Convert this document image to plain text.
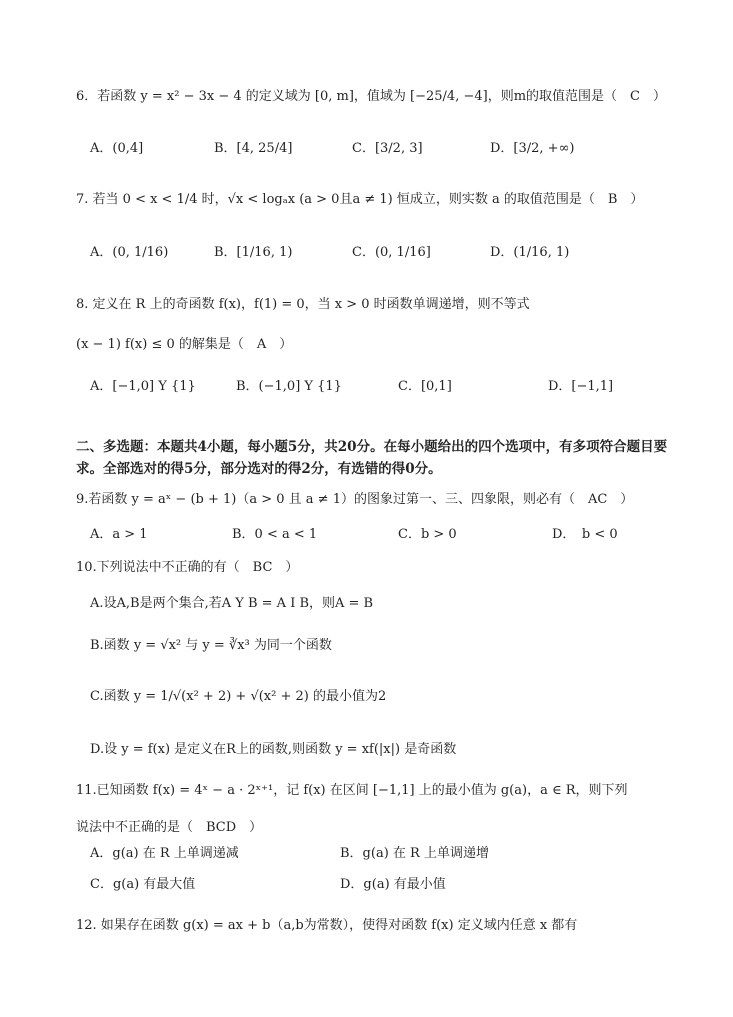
6．若函数 y = x² − 3x − 4 的定义域为 [0, m]，值域为 [−25/4, −4]，则m的取值范围是（　C　）
A．(0,4]	B．[4, 25/4]	C．[3/2, 3]	D．[3/2, +∞)
7. 若当 0 < x < 1/4 时，√x < logₐx (a > 0且a ≠ 1) 恒成立，则实数 a 的取值范围是（　B　）
A．(0, 1/16)	B．[1/16, 1)	C．(0, 1/16]	D．(1/16, 1)
8. 定义在 R 上的奇函数 f(x)，f(1) = 0，当 x > 0 时函数单调递增，则不等式
(x − 1) f(x) ≤ 0 的解集是（　A　）
A．[−1,0] Y {1}	B．(−1,0] Y {1}	C．[0,1]	D．[−1,1]
二、多选题：本题共4小题，每小题5分，共20分。在每小题给出的四个选项中，有多项符合题目要求。全部选对的得5分，部分选对的得2分，有选错的得0分。
9.若函数 y = aˣ − (b + 1)（a > 0 且 a ≠ 1）的图象过第一、三、四象限，则必有（　AC　）
A．a > 1	B．0 < a < 1	C．b > 0	D．　b < 0
10.下列说法中不正确的有（　BC　）
A.设A,B是两个集合,若A Y B = A I B，则A = B
B.函数 y = √x² 与 y = ∛x³ 为同一个函数
C.函数 y = 1/√(x² + 2) + √(x² + 2) 的最小值为2
D.设 y = f(x) 是定义在R上的函数,则函数 y = xf(|x|) 是奇函数
11.已知函数 f(x) = 4ˣ − a · 2ˣ⁺¹，记 f(x) 在区间 [−1,1] 上的最小值为 g(a)，a ∈ R，则下列
说法中不正确的是（　BCD　）
A．g(a) 在 R 上单调递减	B．g(a) 在 R 上单调递增
C．g(a) 有最大值	D．g(a) 有最小值
12. 如果存在函数 g(x) = ax + b（a,b为常数），使得对函数 f(x) 定义域内任意 x 都有
